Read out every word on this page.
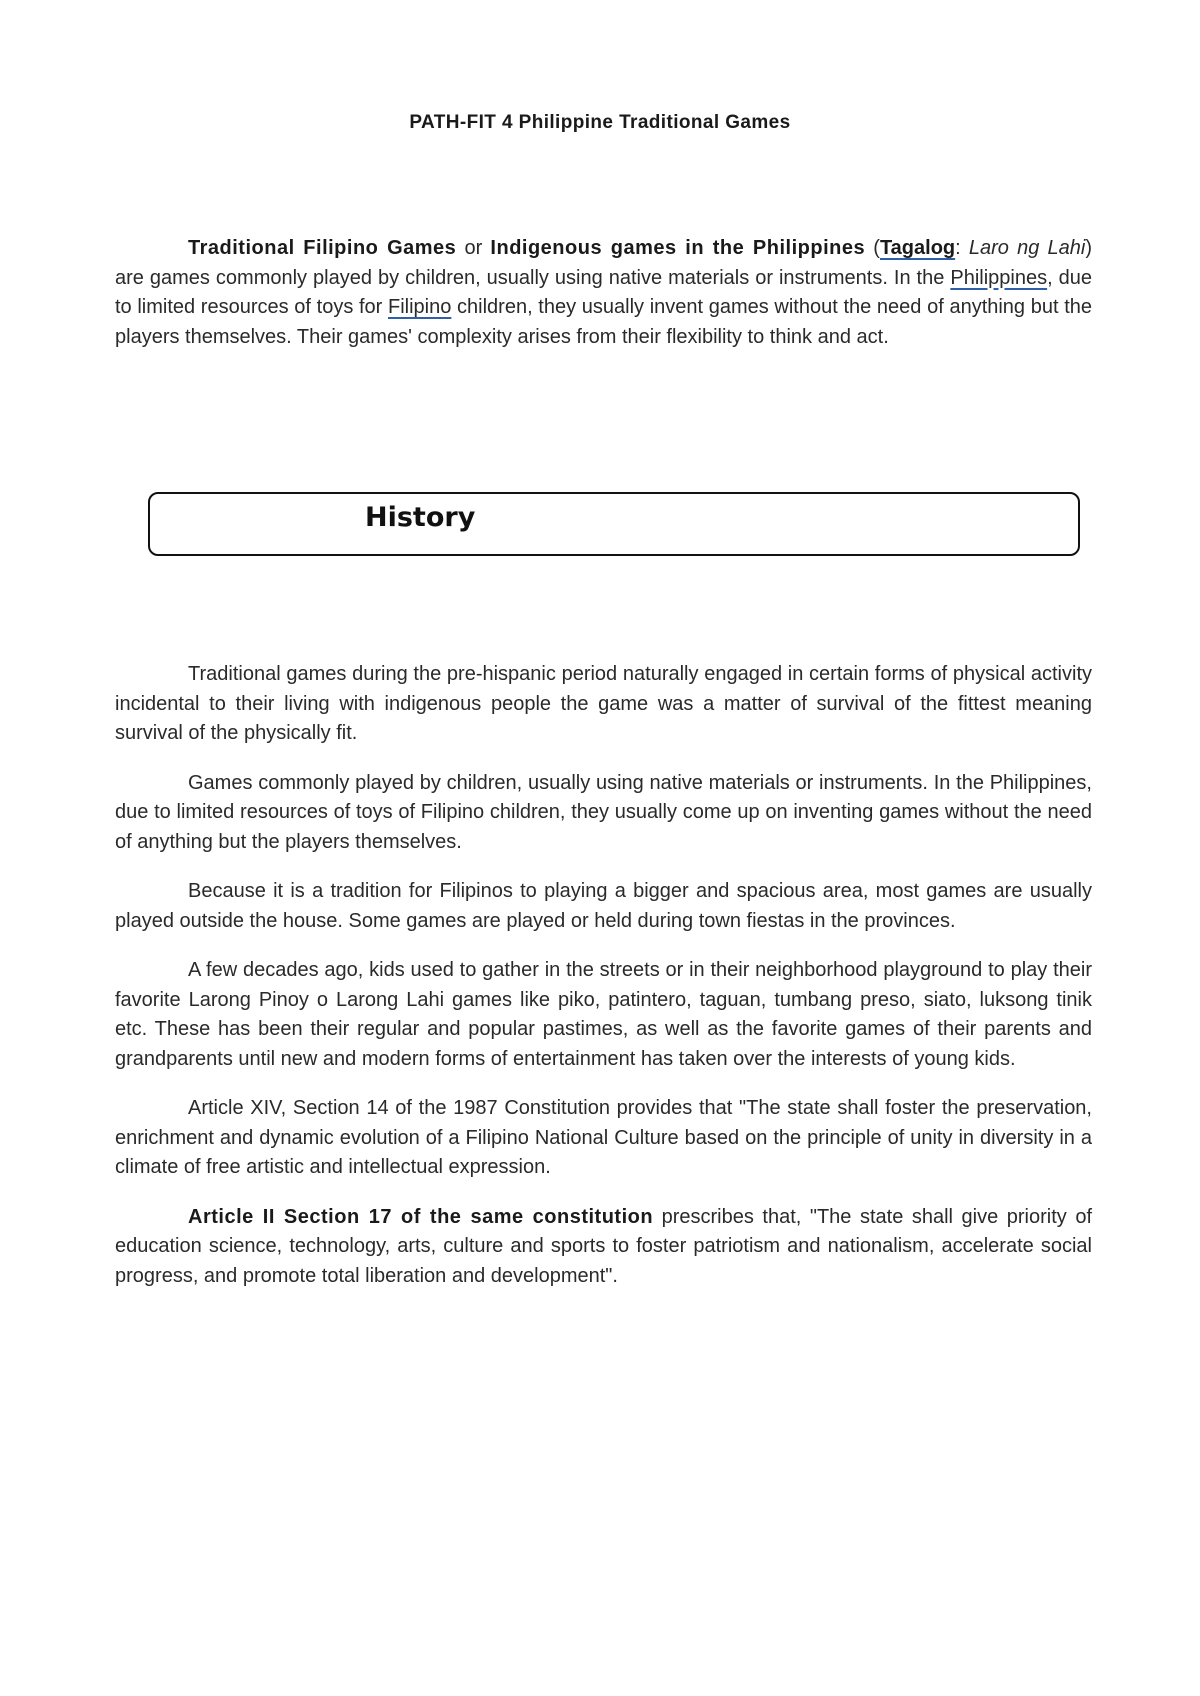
PATH-FIT 4 Philippine Traditional Games

Traditional Filipino Games or Indigenous games in the Philippines (Tagalog: Laro ng Lahi) are games commonly played by children, usually using native materials or instruments. In the Philippines, due to limited resources of toys for Filipino children, they usually invent games without the need of anything but the players themselves. Their games' complexity arises from their flexibility to think and act.

History

Traditional games during the pre-hispanic period naturally engaged in certain forms of physical activity incidental to their living with indigenous people the game was a matter of survival of the fittest meaning survival of the physically fit.

Games commonly played by children, usually using native materials or instruments. In the Philippines, due to limited resources of toys of Filipino children, they usually come up on inventing games without the need of anything but the players themselves.

Because it is a tradition for Filipinos to playing a bigger and spacious area, most games are usually played outside the house. Some games are played or held during town fiestas in the provinces.

A few decades ago, kids used to gather in the streets or in their neighborhood playground to play their favorite Larong Pinoy o Larong Lahi games like piko, patintero, taguan, tumbang preso, siato, luksong tinik etc. These has been their regular and popular pastimes, as well as the favorite games of their parents and grandparents until new and modern forms of entertainment has taken over the interests of young kids.

Article XIV, Section 14 of the 1987 Constitution provides that "The state shall foster the preservation, enrichment and dynamic evolution of a Filipino National Culture based on the principle of unity in diversity in a climate of free artistic and intellectual expression.

Article II Section 17 of the same constitution prescribes that, "The state shall give priority of education science, technology, arts, culture and sports to foster patriotism and nationalism, accelerate social progress, and promote total liberation and development".
